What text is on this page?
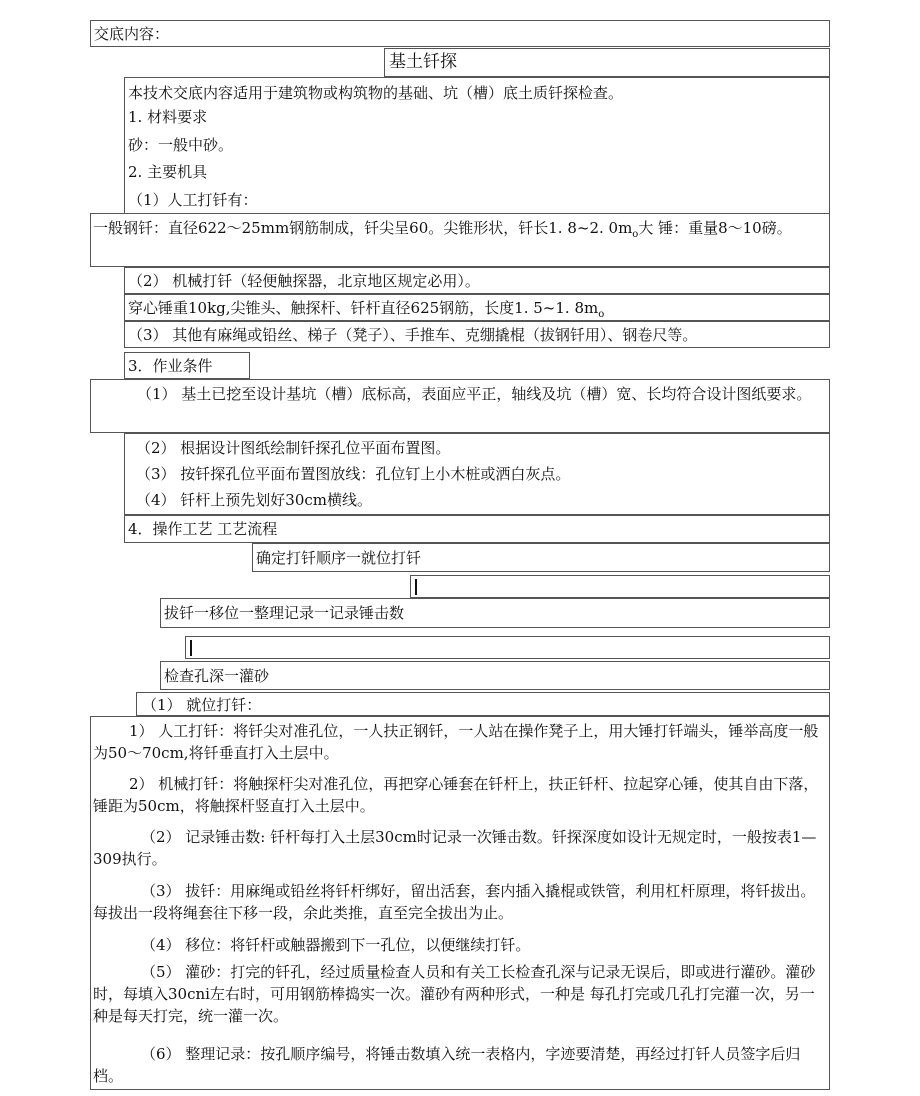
交底内容：
基土钎探
本技术交底内容适用于建筑物或构筑物的基础、坑（槽）底土质钎探检查。
1. 材料要求
砂：一般中砂。
2. 主要机具
（1）人工打钎有：
一般钢钎：直径622〜25mm钢筋制成，钎尖呈60。尖锥形状，钎长1. 8~2. $0m_o$大 锤：重量8〜10磅。
（2） 机械打钎（轻便触探器，北京地区规定必用）。
穿心锤重10kg,尖锥头、触探杆、钎杆直径625钢筋，长度1. 5~1. $8m_o$
（3） 其他有麻绳或铅丝、梯子（凳子）、手推车、克绷撬棍（拔钢钎用）、钢卷尺等。
3．作业条件
（1） 基土已挖至设计基坑（槽）底标高，表面应平正，轴线及坑（槽）宽、长均符合设计图纸要求。
（2） 根据设计图纸绘制钎探孔位平面布置图。
（3） 按钎探孔位平面布置图放线：孔位钉上小木桩或洒白灰点。
（4） 钎杆上预先划好30cm横线。
4．操作工艺 工艺流程
确定打钎顺序一就位打钎
拔钎一移位一整理记录一记录锤击数
检查孔深一灌砂
（1） 就位打钎：
1） 人工打钎：将钎尖对准孔位，一人扶正钢钎，一人站在操作凳子上，用大锤打钎端头，锤举高度一般为50〜70cm,将钎垂直打入土层中。
2） 机械打钎：将触探杆尖对准孔位，再把穿心锤套在钎杆上，扶正钎杆、拉起穿心锤，使其自由下落，锤距为50cm，将触探杆竖直打入土层中。
（2） 记录锤击数: 钎杆每打入土层30cm时记录一次锤击数。钎探深度如设计无规定时，一般按表1—309执行。
（3） 拔钎：用麻绳或铅丝将钎杆绑好，留出活套，套内插入撬棍或铁管，利用杠杆原理，将钎拔出。每拔出一段将绳套往下移一段，余此类推，直至完全拔出为止。
（4） 移位：将钎杆或触器搬到下一孔位，以便继续打钎。
（5） 灌砂：打完的钎孔，经过质量检查人员和有关工长检查孔深与记录无误后，即或进行灌砂。灌砂时，每填入30cni左右时，可用钢筋棒捣实一次。灌砂有两种形式，一种是 每孔打完或几孔打完灌一次，另一种是每天打完，统一灌一次。
（6） 整理记录：按孔顺序编号，将锤击数填入统一表格内，字迹要清楚，再经过打钎人员签字后归档。
